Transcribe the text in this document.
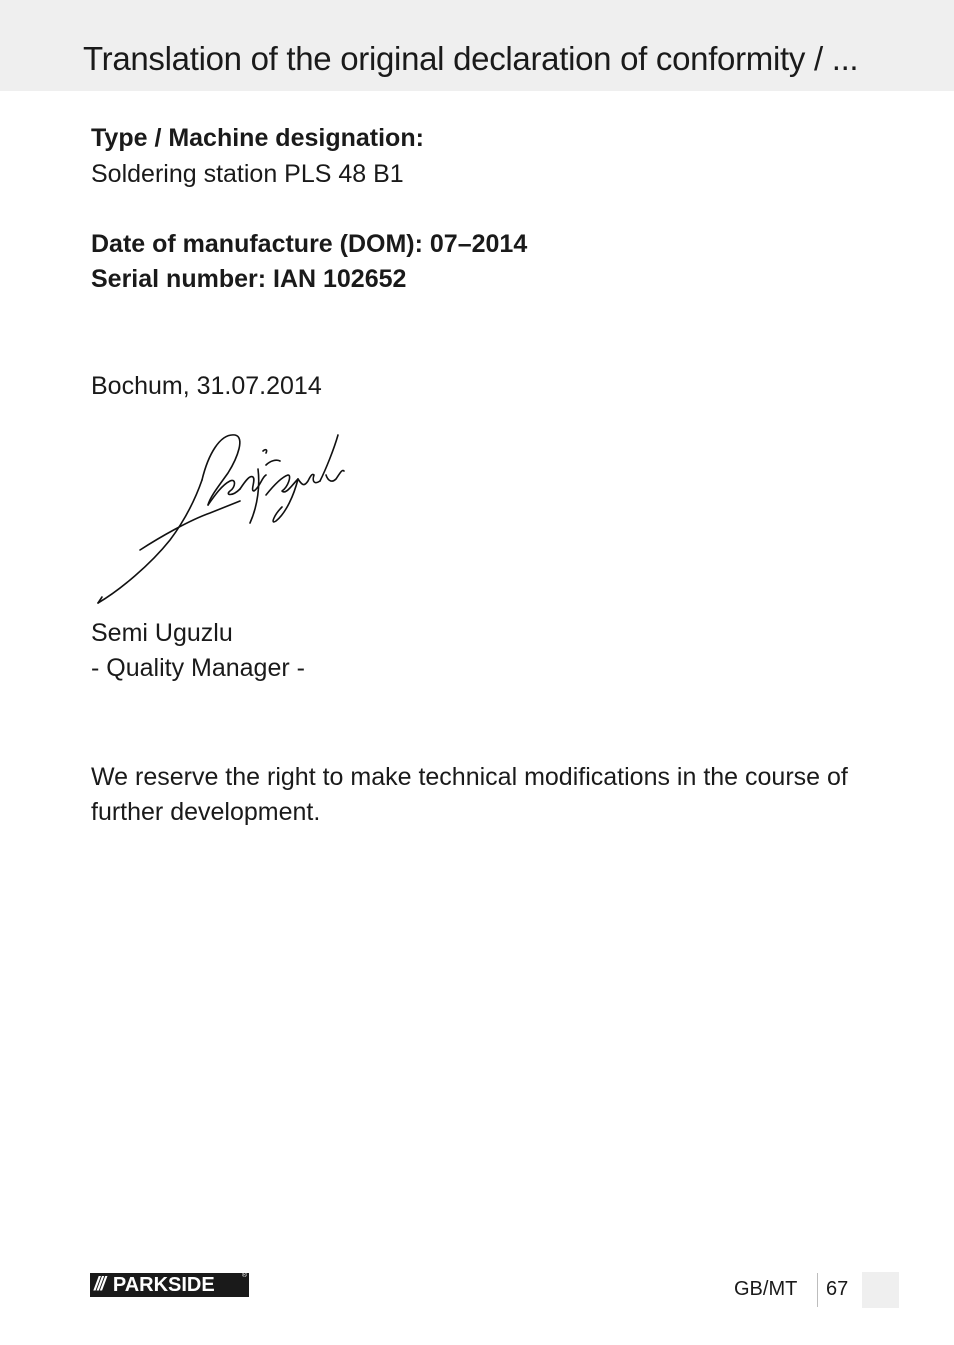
Translation of the original declaration of conformity / ...
Type / Machine designation:
Soldering station PLS 48 B1
Date of manufacture (DOM): 07–2014
Serial number: IAN 102652
Bochum, 31.07.2014
Semi Uguzlu
- Quality Manager -
We reserve the right to make technical modifications in the course of further development.
/// PARKSIDE	®
GB/MT 67
